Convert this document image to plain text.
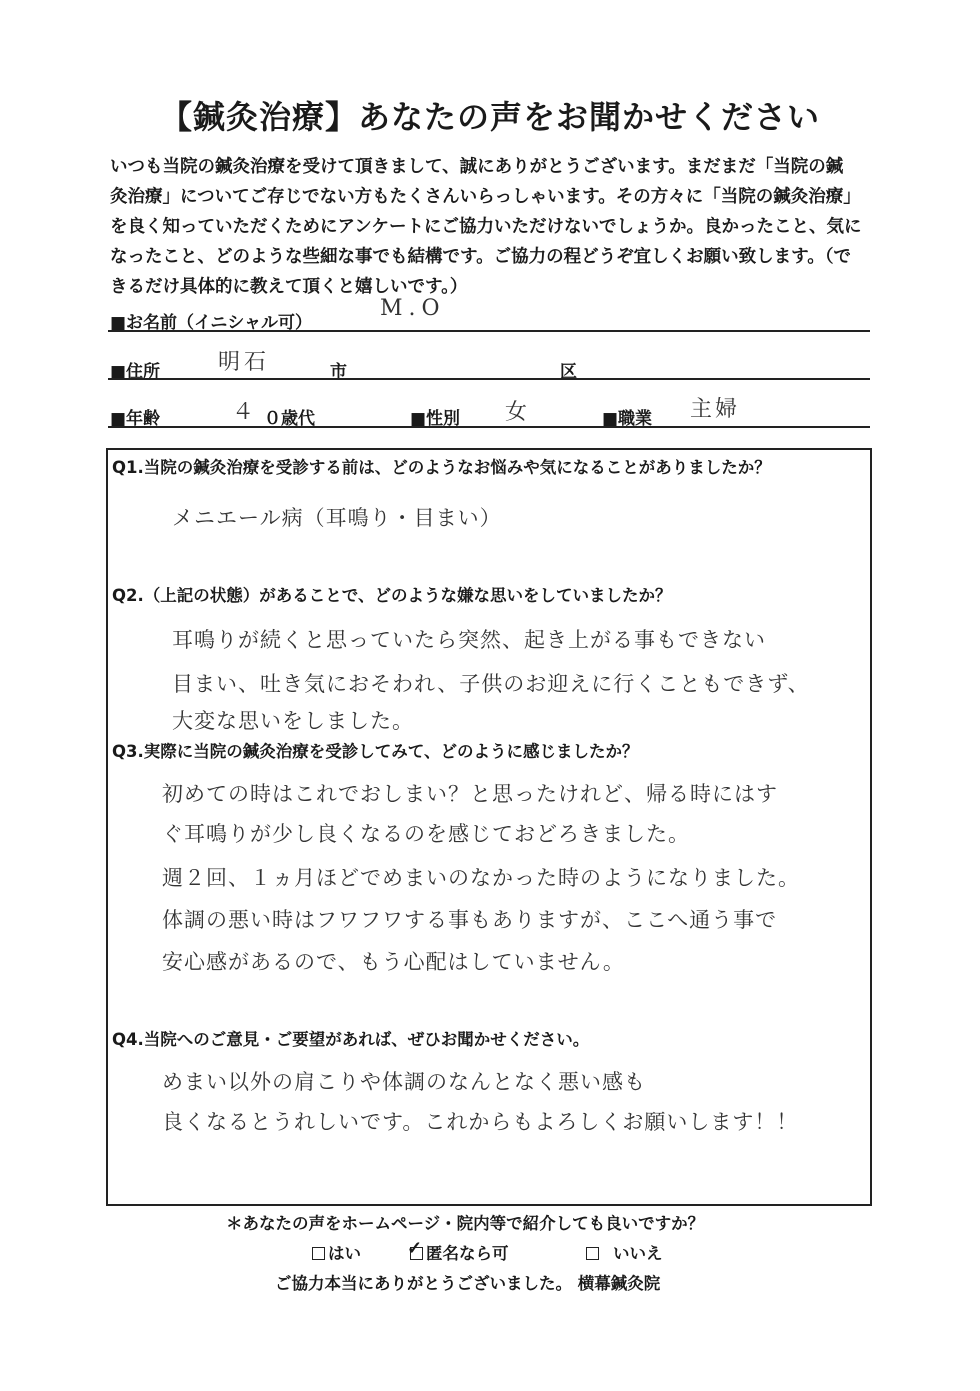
【鍼灸治療】あなたの声をお聞かせください

いつも当院の鍼灸治療を受けて頂きまして、誠にありがとうございます。まだまだ「当院の鍼

灸治療」についてご存じでない方もたくさんいらっしゃいます。その方々に「当院の鍼灸治療」

を良く知っていただくためにアンケートにご協力いただけないでしょうか。良かったこと、気に

なったこと、どのような些細な事でも結構です。ご協力の程どうぞ宜しくお願い致します。（で

きるだけ具体的に教えて頂くと嬉しいです。）

■お名前（イニシャル可）
M.O
■住所	明石	市	区
■年齢	４ ０歳代	■性別 女	■職業 主婦
Q1.当院の鍼灸治療を受診する前は、どのようなお悩みや気になることがありましたか？
メニエール病（耳鳴り・目まい）
Q2.（上記の状態）があることで、どのような嫌な思いをしていましたか？
耳鳴りが続くと思っていたら突然、起き上がる事もできない
目まい、吐き気におそわれ、子供のお迎えに行くこともできず、
大変な思いをしました。
Q3.実際に当院の鍼灸治療を受診してみて、どのように感じましたか？
初めての時はこれでおしまい？と思ったけれど、帰る時にはす
ぐ耳鳴りが少し良くなるのを感じておどろきました。
週２回、１ヵ月ほどでめまいのなかった時のようになりました。
体調の悪い時はフワフワする事もありますが、ここへ通う事で
安心感があるので、もう心配はしていません。
Q4.当院へのご意見・ご要望があれば、ぜひお聞かせください。
めまい以外の肩こりや体調のなんとなく悪い感も
良くなるとうれしいです。これからもよろしくお願いします！！
＊あなたの声をホームページ・院内等で紹介しても良いですか？
はい	✓ 匿名なら可	いいえ
ご協力本当にありがとうございました。 横幕鍼灸院
